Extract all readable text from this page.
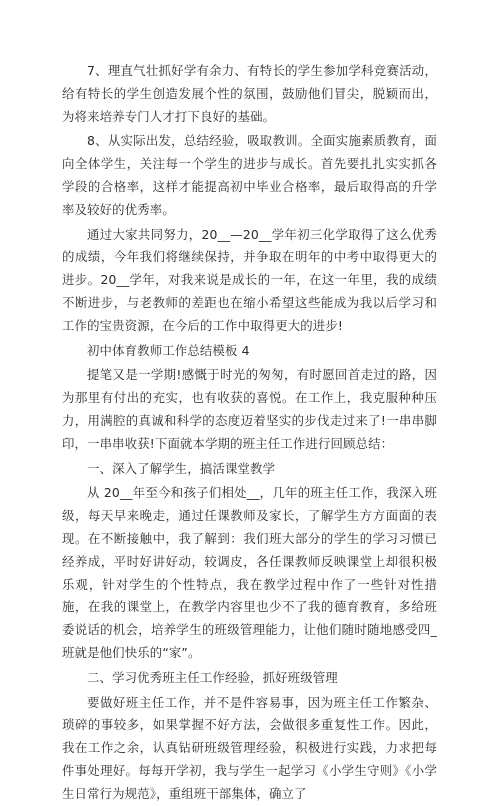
7、理直气壮抓好学有余力、有特长的学生参加学科竞赛活动，给有特长的学生创造发展个性的氛围，鼓励他们冒尖，脱颖而出，为将来培养专门人才打下良好的基础。

8、从实际出发，总结经验，吸取教训。全面实施素质教育，面向全体学生，关注每一个学生的进步与成长。首先要扎扎实实抓各学段的合格率，这样才能提高初中毕业合格率，最后取得高的升学率及较好的优秀率。

通过大家共同努力，20__—20__学年初三化学取得了这么优秀的成绩，今年我们将继续保持，并争取在明年的中考中取得更大的进步。20__学年，对我来说是成长的一年，在这一年里，我的成绩不断进步，与老教师的差距也在缩小希望这些能成为我以后学习和工作的宝贵资源，在今后的工作中取得更大的进步!

初中体育教师工作总结模板 4

提笔又是一学期!感慨于时光的匆匆，有时愿回首走过的路，因为那里有付出的充实，也有收获的喜悦。在工作上，我克服种种压力，用满腔的真诚和科学的态度迈着坚实的步伐走过来了!一串串脚印，一串串收获!下面就本学期的班主任工作进行回顾总结：

一、深入了解学生，搞活课堂教学

从 20__年至今和孩子们相处__，几年的班主任工作，我深入班级，每天早来晚走，通过任课教师及家长，了解学生方方面面的表现。在不断接触中，我了解到：我们班大部分的学生的学习习惯已经养成，平时好讲好动，较调皮，各任课教师反映课堂上却很积极乐观，针对学生的个性特点，我在教学过程中作了一些针对性措施，在我的课堂上，在教学内容里也少不了我的德育教育，多给班委说话的机会，培养学生的班级管理能力，让他们随时随地感受四_班就是他们快乐的“家”。

二、学习优秀班主任工作经验，抓好班级管理

要做好班主任工作，并不是件容易事，因为班主任工作繁杂、琐碎的事较多，如果掌握不好方法，会做很多重复性工作。因此，我在工作之余，认真钻研班级管理经验，积极进行实践，力求把每件事处理好。每每开学初，我与学生一起学习《小学生守则》《小学生日常行为规范》，重组班干部集体，确立了
